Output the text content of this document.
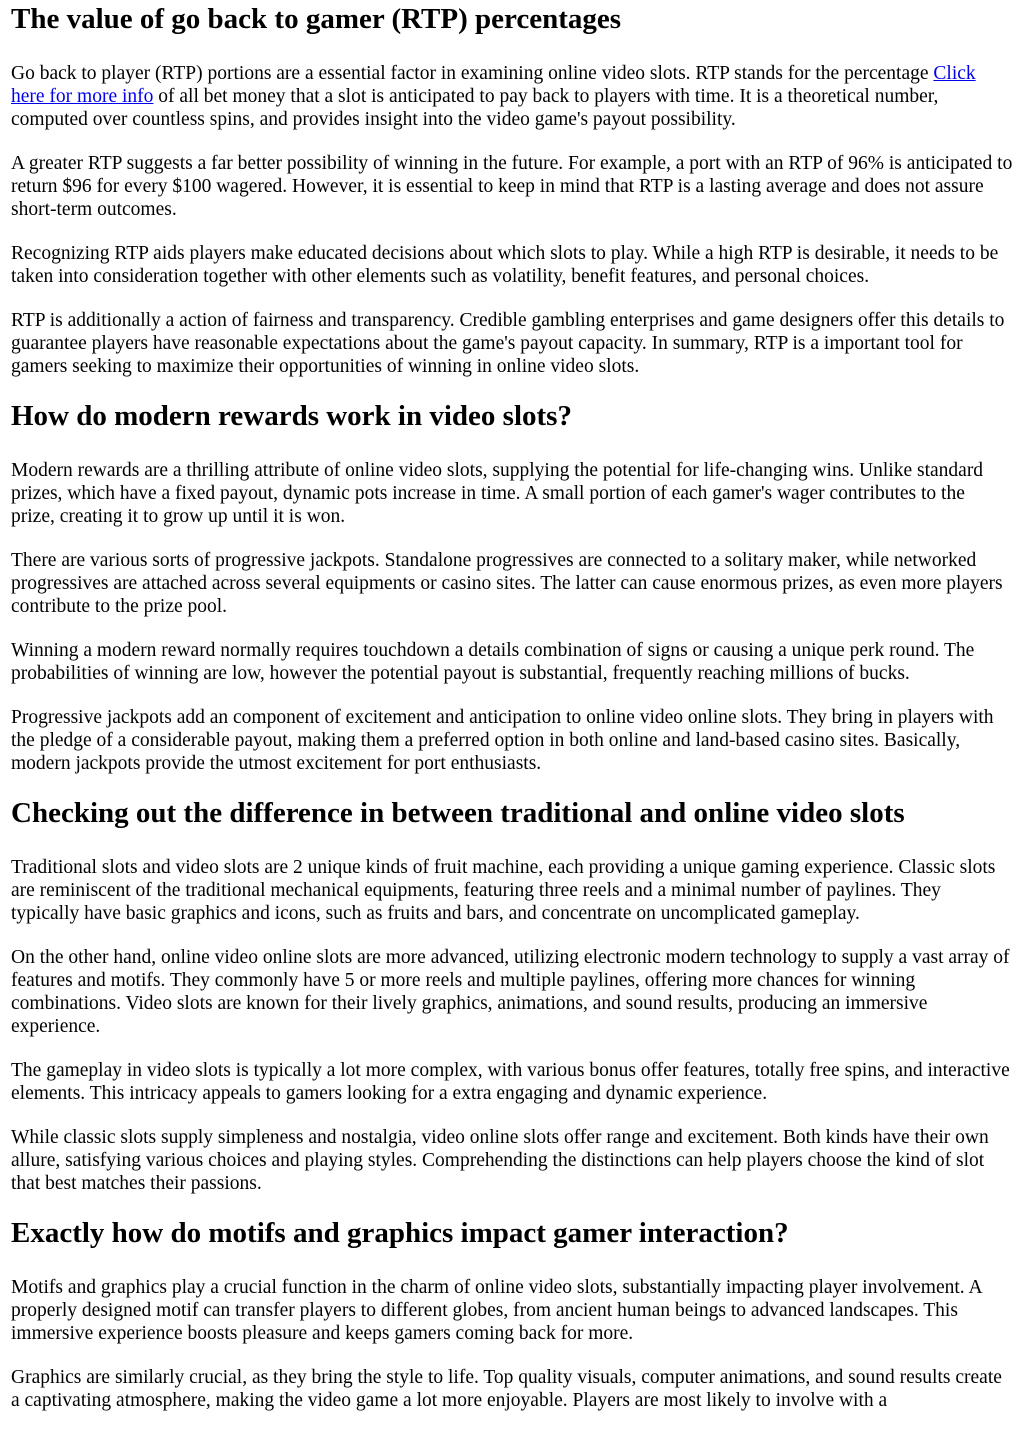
The value of go back to gamer (RTP) percentages

Go back to player (RTP) portions are a essential factor in examining online video slots. RTP stands for the percentage Click here for more info of all bet money that a slot is anticipated to pay back to players with time. It is a theoretical number, computed over countless spins, and provides insight into the video game's payout possibility.

A greater RTP suggests a far better possibility of winning in the future. For example, a port with an RTP of 96% is anticipated to return $96 for every $100 wagered. However, it is essential to keep in mind that RTP is a lasting average and does not assure short-term outcomes.

Recognizing RTP aids players make educated decisions about which slots to play. While a high RTP is desirable, it needs to be taken into consideration together with other elements such as volatility, benefit features, and personal choices.

RTP is additionally a action of fairness and transparency. Credible gambling enterprises and game designers offer this details to guarantee players have reasonable expectations about the game's payout capacity. In summary, RTP is a important tool for gamers seeking to maximize their opportunities of winning in online video slots.

How do modern rewards work in video slots?

Modern rewards are a thrilling attribute of online video slots, supplying the potential for life-changing wins. Unlike standard prizes, which have a fixed payout, dynamic pots increase in time. A small portion of each gamer's wager contributes to the prize, creating it to grow up until it is won.

There are various sorts of progressive jackpots. Standalone progressives are connected to a solitary maker, while networked progressives are attached across several equipments or casino sites. The latter can cause enormous prizes, as even more players contribute to the prize pool.

Winning a modern reward normally requires touchdown a details combination of signs or causing a unique perk round. The probabilities of winning are low, however the potential payout is substantial, frequently reaching millions of bucks.

Progressive jackpots add an component of excitement and anticipation to online video online slots. They bring in players with the pledge of a considerable payout, making them a preferred option in both online and land-based casino sites. Basically, modern jackpots provide the utmost excitement for port enthusiasts.

Checking out the difference in between traditional and online video slots

Traditional slots and video slots are 2 unique kinds of fruit machine, each providing a unique gaming experience. Classic slots are reminiscent of the traditional mechanical equipments, featuring three reels and a minimal number of paylines. They typically have basic graphics and icons, such as fruits and bars, and concentrate on uncomplicated gameplay.

On the other hand, online video online slots are more advanced, utilizing electronic modern technology to supply a vast array of features and motifs. They commonly have 5 or more reels and multiple paylines, offering more chances for winning combinations. Video slots are known for their lively graphics, animations, and sound results, producing an immersive experience.

The gameplay in video slots is typically a lot more complex, with various bonus offer features, totally free spins, and interactive elements. This intricacy appeals to gamers looking for a extra engaging and dynamic experience.

While classic slots supply simpleness and nostalgia, video online slots offer range and excitement. Both kinds have their own allure, satisfying various choices and playing styles. Comprehending the distinctions can help players choose the kind of slot that best matches their passions.

Exactly how do motifs and graphics impact gamer interaction?

Motifs and graphics play a crucial function in the charm of online video slots, substantially impacting player involvement. A properly designed motif can transfer players to different globes, from ancient human beings to advanced landscapes. This immersive experience boosts pleasure and keeps gamers coming back for more.

Graphics are similarly crucial, as they bring the style to life. Top quality visuals, computer animations, and sound results create a captivating atmosphere, making the video game a lot more enjoyable. Players are most likely to involve with a
